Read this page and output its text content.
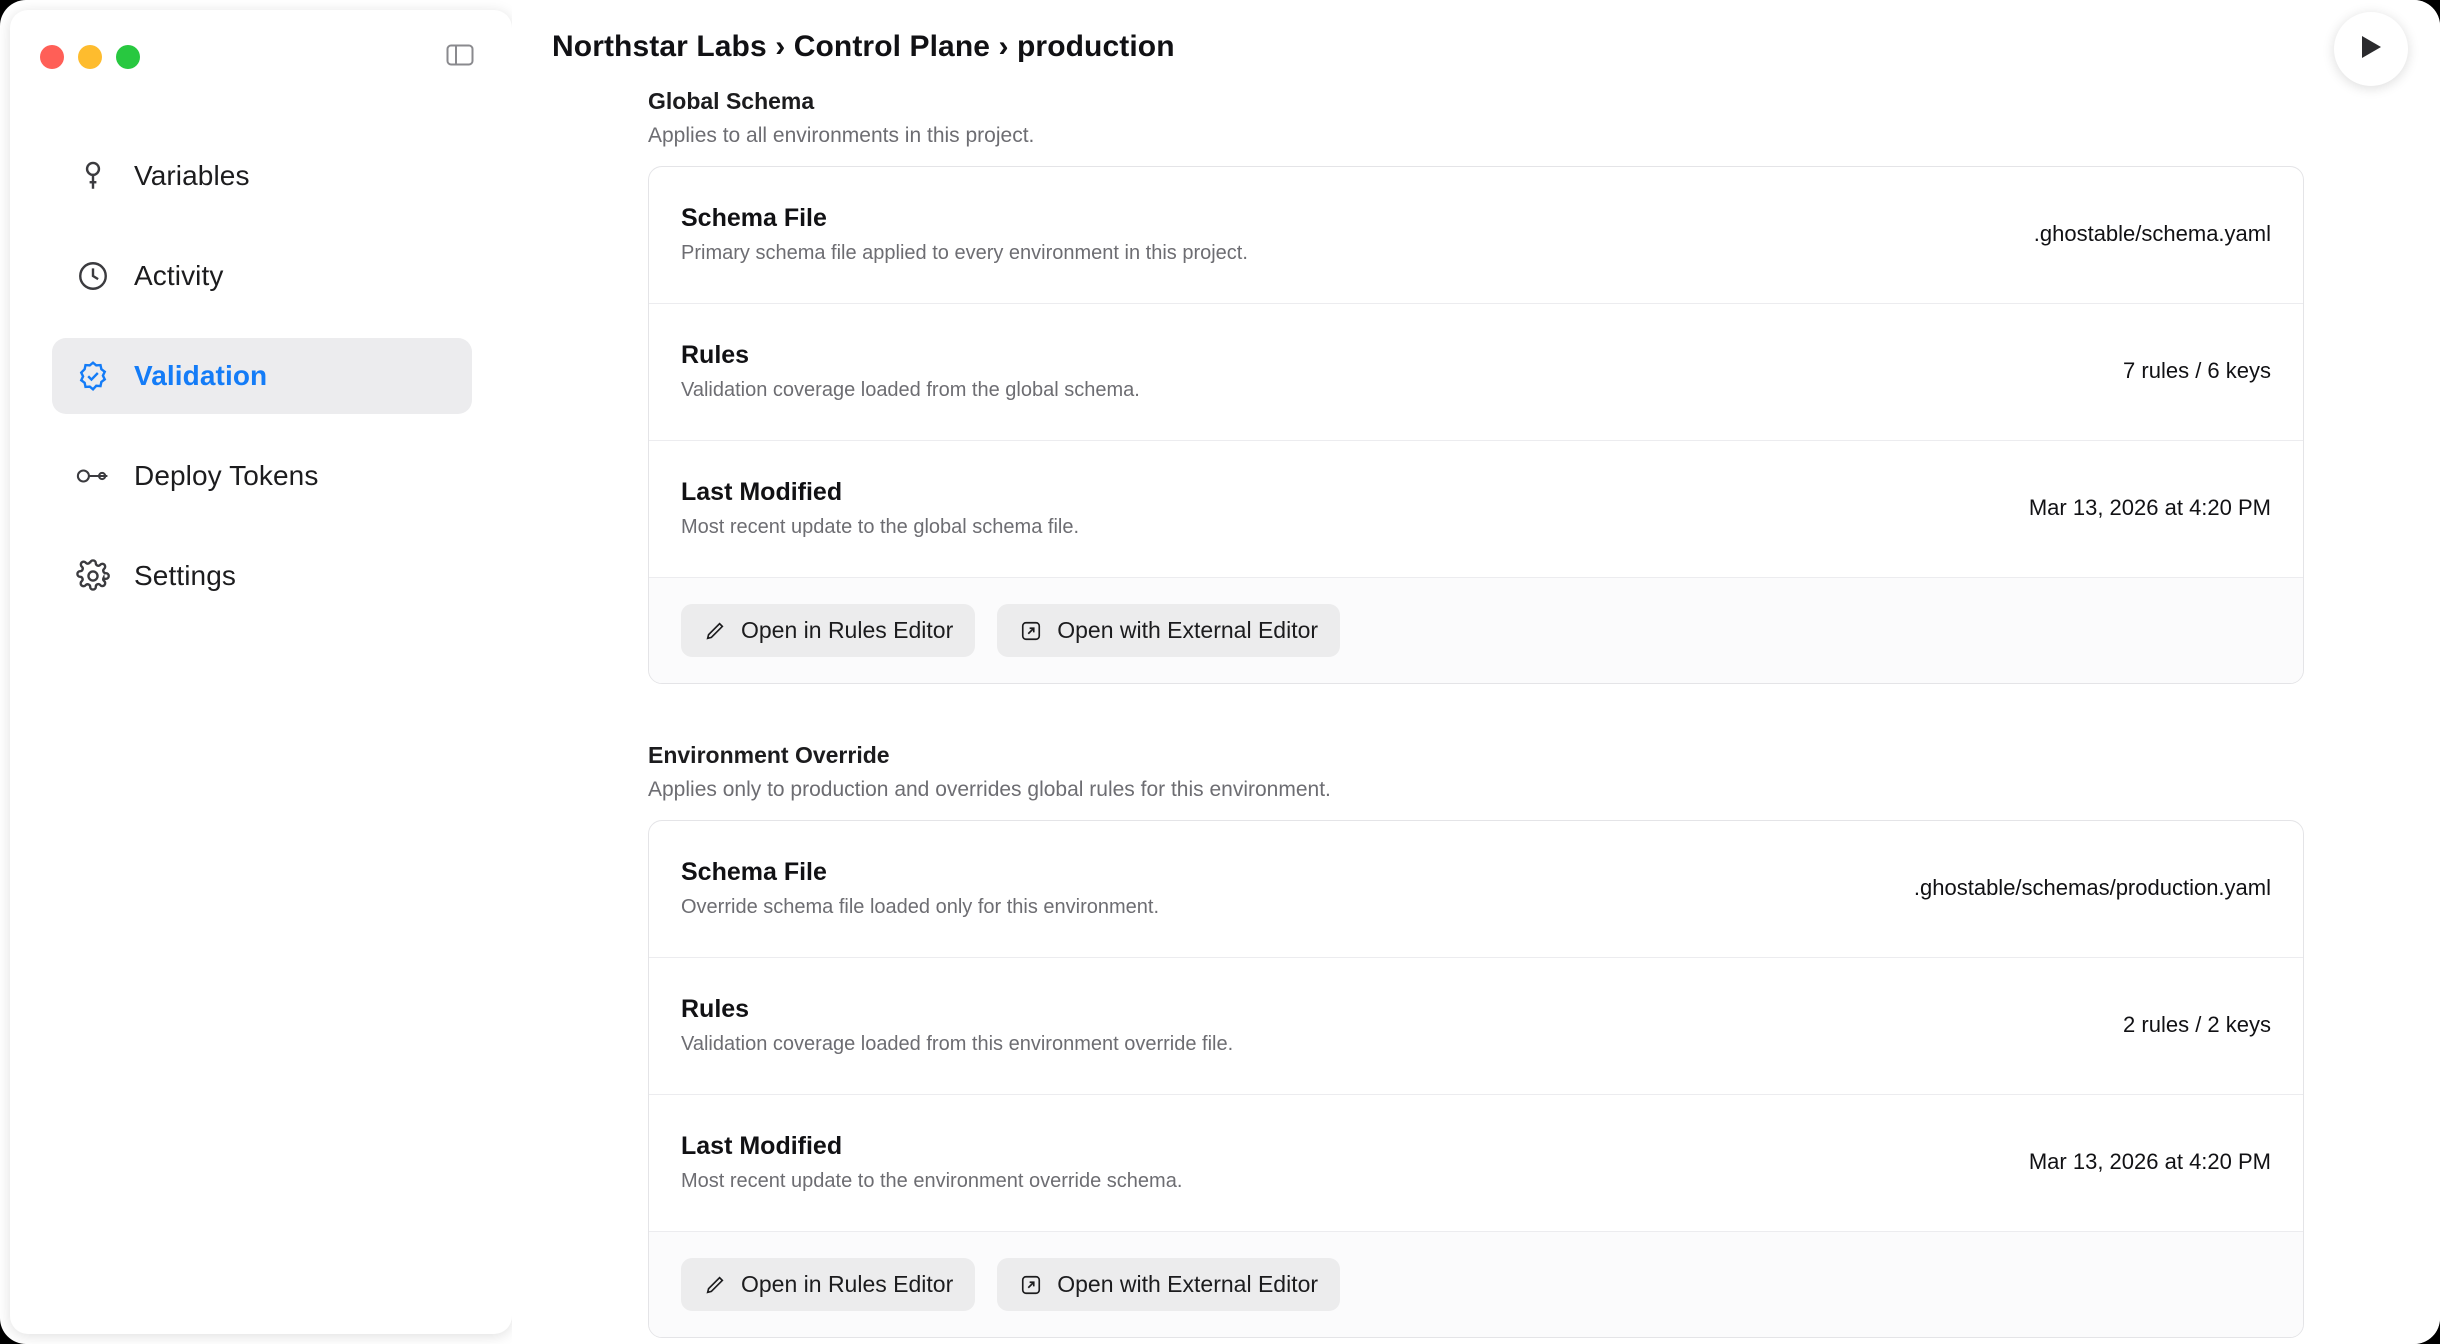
Variables
Activity
Validation
Deploy Tokens
Settings
Northstar Labs › Control Plane › production
Global Schema
Applies to all environments in this project.
Schema File
Primary schema file applied to every environment in this project.
.ghostable/schema.yaml
Rules
Validation coverage loaded from the global schema.
7 rules / 6 keys
Last Modified
Most recent update to the global schema file.
Mar 13, 2026 at 4:20 PM
Open in Rules Editor	Open with External Editor
Environment Override
Applies only to production and overrides global rules for this environment.
Schema File
Override schema file loaded only for this environment.
.ghostable/schemas/production.yaml
Rules
Validation coverage loaded from this environment override file.
2 rules / 2 keys
Last Modified
Most recent update to the environment override schema.
Mar 13, 2026 at 4:20 PM
Open in Rules Editor	Open with External Editor
